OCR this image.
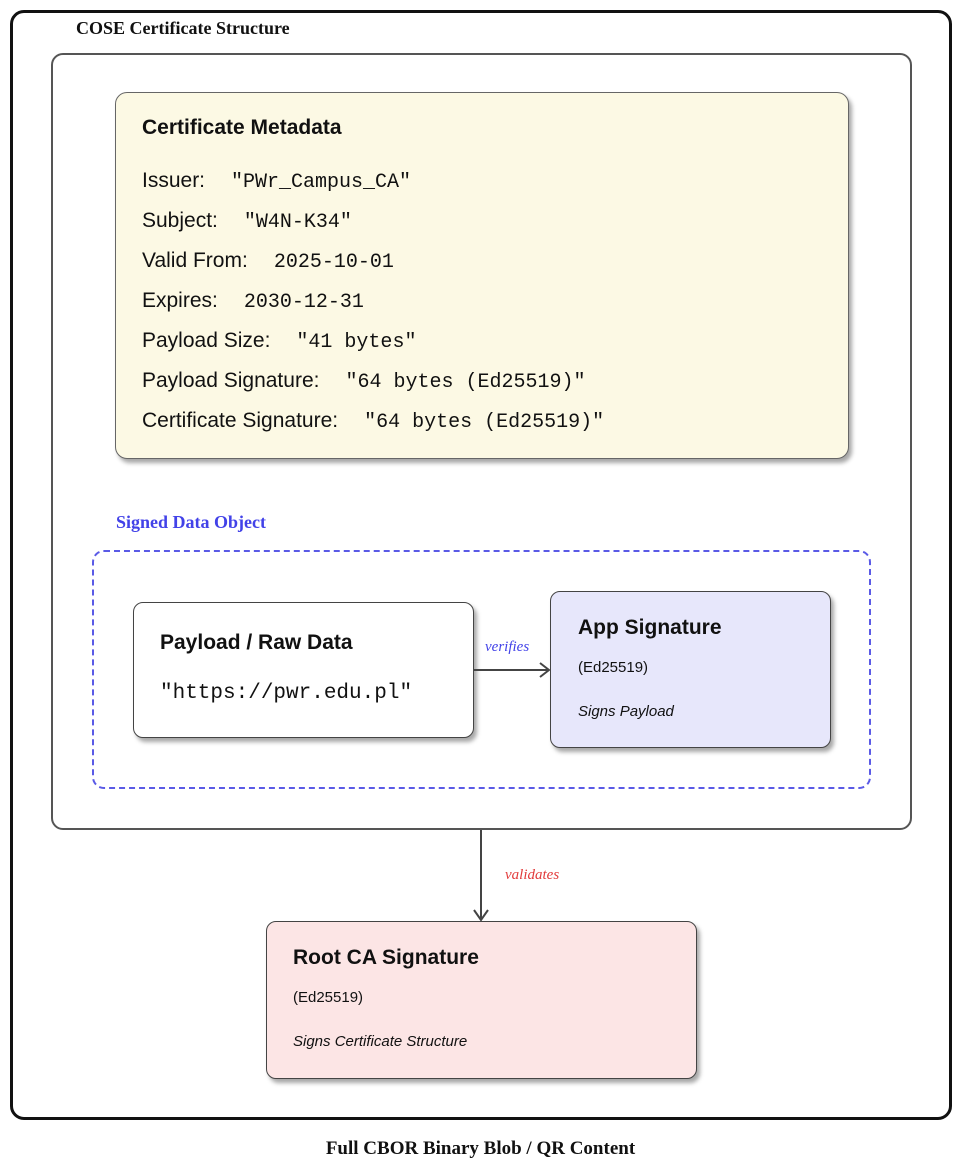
COSE Certificate Structure
Certificate Metadata
Issuer: "PWr_Campus_CA"
Subject: "W4N-K34"
Valid From: 2025-10-01
Expires: 2030-12-31
Payload Size: "41 bytes"
Payload Signature: "64 bytes (Ed25519)"
Certificate Signature: "64 bytes (Ed25519)"
Signed Data Object
Payload / Raw Data
"https://pwr.edu.pl"
App Signature
(Ed25519)
Signs Payload
verifies
Root CA Signature
(Ed25519)
Signs Certificate Structure
validates
Full CBOR Binary Blob / QR Content
